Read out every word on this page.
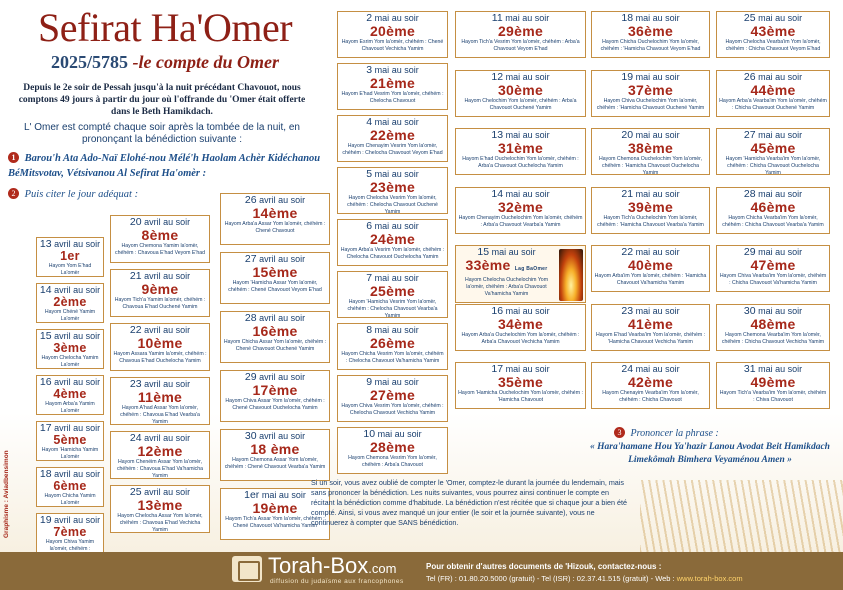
Sefirat Ha'Omer
2025/5785 -le compte du Omer
Depuis le 2e soir de Pessah jusqu'à la nuit précédant Chavouot, nous comptons 49 jours à partir du jour où l'offrande du 'Omer était offerte dans le Beth Hamikdach.
L' Omer est compté chaque soir après la tombée de la nuit, en prononçant la bénédiction suivante :
1 Barou'h Ata Ado-Naï Elohé-nou Mélé'h Haolam Achèr Kidéchanou BéMitsvotav, Vétsivanou Al Sefirat Ha'omèr :
2 Puis citer le jour adéquat :
13 avril au soir
1er
Hayom Yom E'had La'omèr
14 avril au soir
2ème
Hayom Chéné Yamim La'omèr
15 avril au soir
3ème
Hayom Chelocha Yamim La'omèr
16 avril au soir
4ème
Hayom Arba'a Yamim La'omèr
17 avril au soir
5ème
Hayom 'Hamicha Yamim La'omèr
18 avril au soir
6ème
Hayom Chicha Yamim La'omèr
19 avril au soir
7ème
Hayom Chiva Yamim la'omèr, chéhém :
20 avril au soir
8ème
Hayom Chemona Yamim la'omèr, chéhém : Chavoua E'had Veyom E'had
21 avril au soir
9ème
Hayom Tich'a Yamim la'omèr, chéhém : Chavoua E'had Ouchené Yamim
22 avril au soir
10ème
Hayom Assara Yamim la'omèr, chéhém : Chavoua E'had Ouchelocha Yamim
23 avril au soir
11ème
Hayom A'had Assar Yom la'omèr, chéhém : Chavoua E'had Vearba'a Yamim
24 avril au soir
12ème
Hayom Chenéim Assar Yom la'omèr, chéhém : Chavoua E'had Va'hamicha Yamim
25 avril au soir
13ème
Hayom Chelocha Assar Yom la'omèr, chéhém : Chavoua E'had Vechicha Yamim
26 avril au soir
14ème
Hayom Arba'a Assar Yom la'omèr, chéhém : Chené Chavouot
27 avril au soir
15ème
Hayom 'Hamicha Assar Yom la'omèr, chéhém : Chené Chavouot Veyom E'had
28 avril au soir
16ème
Hayom Chicha Assar Yom la'omèr, chéhém : Chené Chavouot Ouchené Yamim
29 avril au soir
17ème
Hayom Chiva Assar Yom la'omèr, chéhém : Chené Chavouot Ouchelocha Yamim
30 avril au soir
18 ème
Hayom Chemona Assar Yom la'omèr, chéhém : Chené Chavouot Vearba'a Yamim
1er mai au soir
19ème
Hayom Tich'a Assar Yom la'omèr, chéhém : Chené Chavouot Va'hamicha Yamim
2 mai au soir
20ème
Hayom Esrim Yom la'omèr, chéhém : Chené Chavouot Vechicha Yamim
3 mai au soir
21ème
Hayom E'had Vesrim Yom la'omèr, chéhém : Chelocha Chavouot
4 mai au soir
22ème
Hayom Chenayim Vesrim Yom la'omèr, chéhém : Chelocha Chavouot Veyom E'had
5 mai au soir
23ème
Hayom Chelocha Vesrim Yom la'omèr, chéhém : Chelocha Chavouot Ouchené Yamim
6 mai au soir
24ème
Hayom Arba'a Vesrim Yom la'omèr, chéhém : Chelocha Chavouot Ouchelocha Yamim
7 mai au soir
25ème
Hayom 'Hamicha Vesrim Yom la'omèr, chéhém : Chelocha Chavouot Vearba'a Yamim
8 mai au soir
26ème
Hayom Chicha Vesrim Yom la'omèr, chéhém : Chelocha Chavouot Va'hamicha Yamim
9 mai au soir
27ème
Hayom Chiva Vesrim Yom la'omèr, chéhém : Chelocha Chavouot Vechicha Yamim
10 mai au soir
28ème
Hayom Chemona Vesrim Yom la'omèr, chéhém : Arba'a Chavouot
11 mai au soir
29ème
Hayom Tich'a Vesrim Yom la'omèr, chéhém : Arba'a Chavouot Veyom E'had
12 mai au soir
30ème
Hayom Chelochim Yom la'omèr, chéhém : Arba'a Chavouot Ouchené Yamim
13 mai au soir
31ème
Hayom E'had Ouchelochim Yom la'omèr, chéhém : Arba'a Chavouot Ouchelocha Yamim
14 mai au soir
32ème
Hayom Chenayim Ouchelochim Yom la'omèr, chéhém : Arba'a Chavouot Vearba'a Yamim
15 mai au soir
33ème Lag BaOmer
Hayom Chelocha Ouchelochim Yom la'omèr, chéhém : Arba'a Chavouot Va'hamicha Yamim
16 mai au soir
34ème
Hayom Arba'a Ouchelochim Yom la'omèr, chéhém : Arba'a Chavouot Vechicha Yamim
17 mai au soir
35ème
Hayom 'Hamicha Ouchelochim Yom la'omèr, chéhém : 'Hamicha Chavouot
18 mai au soir
36ème
Hayom Chicha Ouchelochim Yom la'omèr, chéhém : 'Hamicha Chavouot Veyom E'had
19 mai au soir
37ème
Hayom Chiva Ouchelochim Yom la'omèr, chéhém : 'Hamicha Chavouot Ouchené Yamim
20 mai au soir
38ème
Hayom Chemona Ouchelochim Yom la'omèr, chéhém : 'Hamicha Chavouot Ouchelocha Yamim
21 mai au soir
39ème
Hayom Tich'a Ouchelochim Yom la'omèr, chéhém : 'Hamicha Chavouot Vearba'a Yamim
22 mai au soir
40ème
Hayom Arba'im Yom la'omèr, chéhém : 'Hamicha Chavouot Va'hamicha Yamim
23 mai au soir
41ème
Hayom E'had Vearba'im Yom la'omèr, chéhém : 'Hamicha Chavouot Vechicha Yamim
24 mai au soir
42ème
Hayom Chenayim Vearba'im Yom la'omèr, chéhém : Chicha Chavouot
25 mai au soir
43ème
Hayom Chelocha Vearba'im Yom la'omèr, chéhém : Chicha Chavouot Veyom E'had
26 mai au soir
44ème
Hayom Arba'a Vearba'im Yom la'omèr, chéhém : Chicha Chavouot Ouchené Yamim
27 mai au soir
45ème
Hayom 'Hamicha Vearba'im Yom la'omèr, chéhém : Chicha Chavouot Ouchelocha Yamim
28 mai au soir
46ème
Hayom Chicha Vearba'im Yom la'omèr, chéhém : Chicha Chavouot Vearba'a Yamim
29 mai au soir
47ème
Hayom Chiva Vearba'im Yom la'omèr, chéhém : Chicha Chavouot Va'hamicha Yamim
30 mai au soir
48ème
Hayom Chemona Vearba'im Yom la'omèr, chéhém : Chicha Chavouot Vechicha Yamim
31 mai au soir
49ème
Hayom Tich'a Vearba'im Yom la'omèr, chéhém : Chiva Chavouot
Graphisme : Aviadbensimon	Si un soir, vous avez oublié de compter le 'Omer, comptez-le durant la journée du lendemain, mais sans prononcer la bénédiction. Les nuits suivantes, vous pourrez ainsi continuer le compte en récitant la bénédiction comme d'habitude. La bénédiction n'est récitée que si chaque jour a bien été compté. Ainsi, si vous avez manqué un jour entier (le soir et la journée suivante), vous ne continuerez à compter que SANS bénédiction.
3 Prononcer la phrase :
« Hara'hamane Hou Ya'hazir Lanou Avodat Beit Hamikdach Limekômah Bimhera Veyaménou Amen »
Torah-Box.com
diffusion du judaïsme aux francophones
Pour obtenir d'autres documents de 'Hizouk, contactez-nous :
Tel (FR) : 01.80.20.5000 (gratuit) - Tel (ISR) : 02.37.41.515 (gratuit) - Web : www.torah-box.com
